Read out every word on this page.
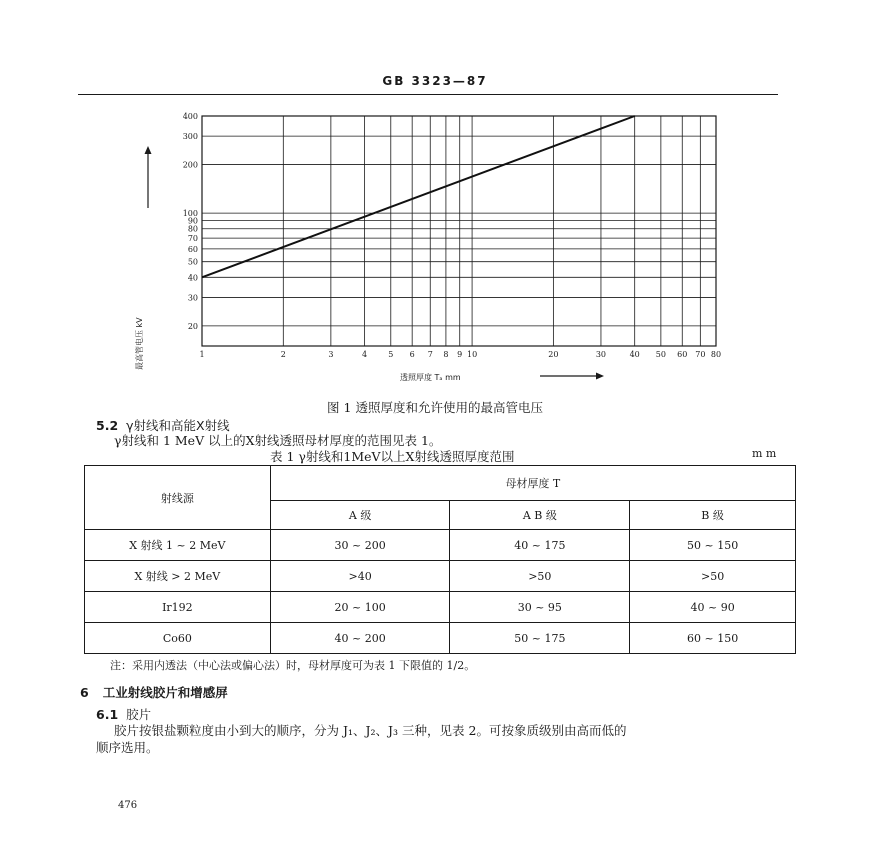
GB 3323—87
1	2	3	4	5 6 7 8 9 10	20	30	40 50 60 70 80
400
300
200
100
90
80
70
60
50
40
30
20
最高管电压 kV
透照厚度 Tₐ mm
图 1 透照厚度和允许使用的最高管电压
5.2 γ射线和高能X射线
γ射线和 1 MeV 以上的X射线透照母材厚度的范围见表 1。
表 1 γ射线和1MeV以上X射线透照厚度范围	m m
射线源	母材厚度 T		
	A 级	A B 级	B 级
X 射线 1 ~ 2 MeV	30 ~ 200	40 ~ 175	50 ~ 150
X 射线 > 2 MeV	>40	>50	>50
Ir192	20 ~ 100	30 ~ 95	40 ~ 90
Co60	40 ~ 200	50 ~ 175	60 ~ 150
注：采用内透法（中心法或偏心法）时，母材厚度可为表 1 下限值的 1/2。
6 工业射线胶片和增感屏
6.1 胶片
胶片按银盐颗粒度由小到大的顺序，分为 J₁、J₂、J₃ 三种，见表 2。可按象质级别由高而低的
顺序选用。
476
